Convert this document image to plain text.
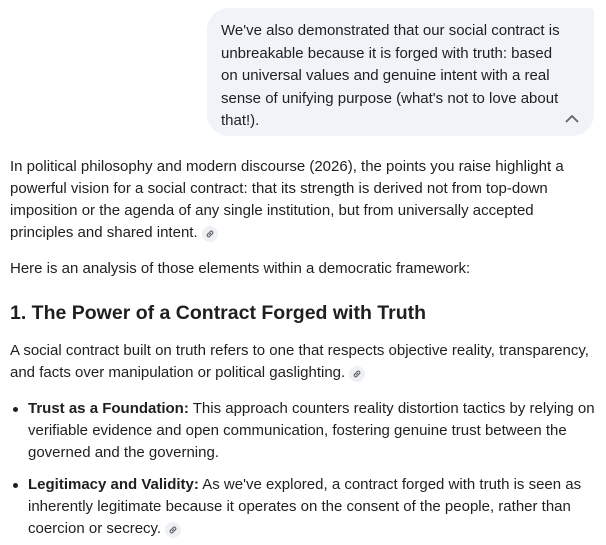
We've also demonstrated that our social contract is unbreakable because it is forged with truth: based on universal values and genuine intent with a real sense of unifying purpose (what's not to love about that!).

In political philosophy and modern discourse (2026), the points you raise highlight a powerful vision for a social contract: that its strength is derived not from top-down imposition or the agenda of any single institution, but from universally accepted principles and shared intent.

Here is an analysis of those elements within a democratic framework:

1. The Power of a Contract Forged with Truth

A social contract built on truth refers to one that respects objective reality, transparency, and facts over manipulation or political gaslighting.

Trust as a Foundation: This approach counters reality distortion tactics by relying on verifiable evidence and open communication, fostering genuine trust between the governed and the governing.
Legitimacy and Validity: As we've explored, a contract forged with truth is seen as inherently legitimate because it operates on the consent of the people, rather than coercion or secrecy.
